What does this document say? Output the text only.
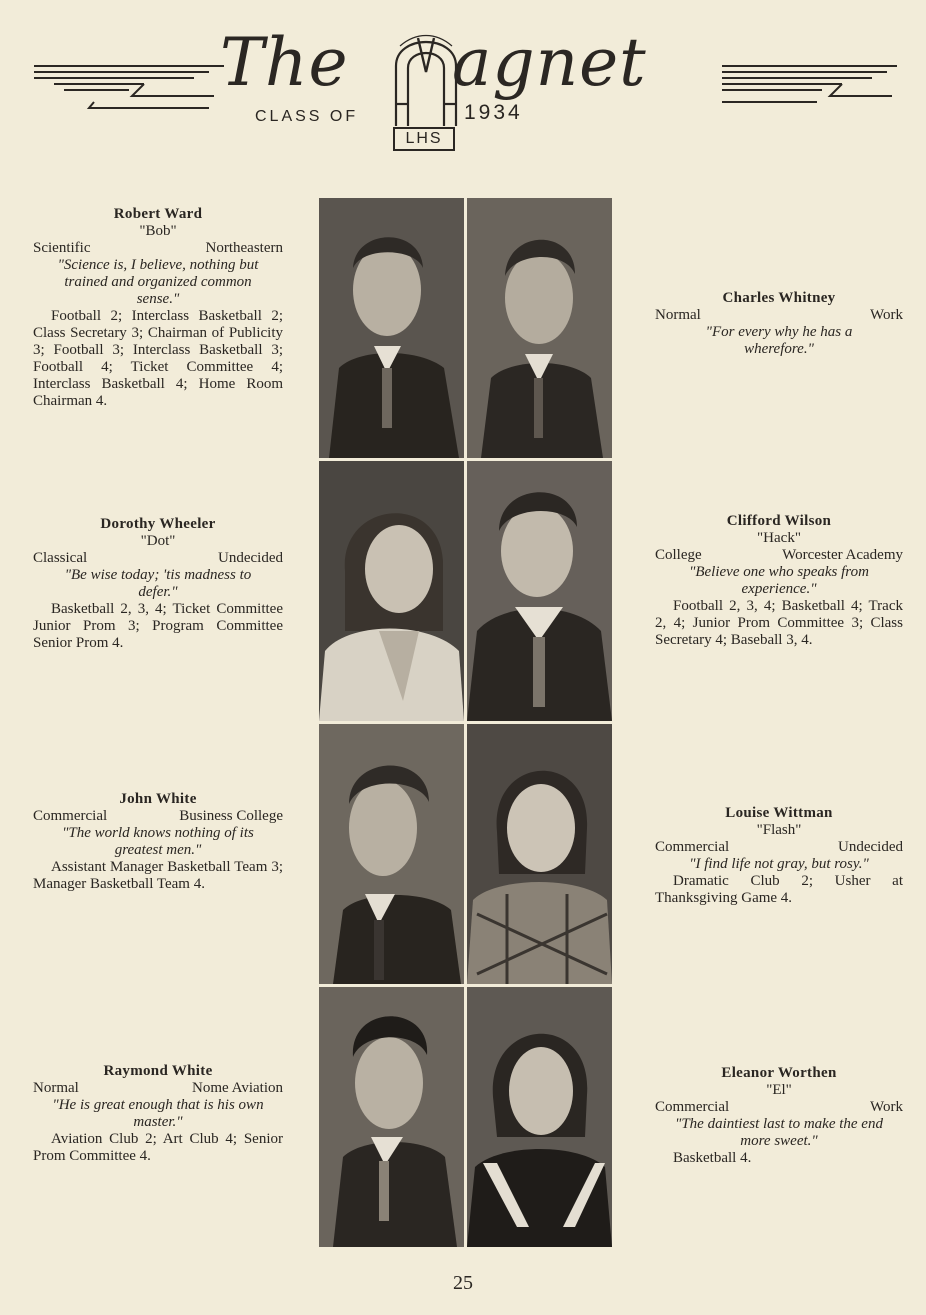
The agnet
CLASS OF	1934
LHS
Robert Ward
"Bob"
Scientific	Northeastern
"Science is, I believe, nothing but trained and organized common sense."
Football 2; Interclass Basketball 2; Class Secretary 3; Chairman of Publicity 3; Football 3; Interclass Basketball 3; Football 4; Ticket Committee 4; Interclass Basketball 4; Home Room Chairman 4.
Dorothy Wheeler
"Dot"
Classical	Undecided
"Be wise today; 'tis madness to defer."
Basketball 2, 3, 4; Ticket Committee Junior Prom 3; Program Committee Senior Prom 4.
John White
Commercial	Business College
"The world knows nothing of its greatest men."
Assistant Manager Basketball Team 3; Manager Basketball Team 4.
Raymond White
Normal	Nome Aviation
"He is great enough that is his own master."
Aviation Club 2; Art Club 4; Senior Prom Committee 4.
Charles Whitney
Normal	Work
"For every why he has a wherefore."
Clifford Wilson
"Hack"
College	Worcester Academy
"Believe one who speaks from experience."
Football 2, 3, 4; Basketball 4; Track 2, 4; Junior Prom Committee 3; Class Secretary 4; Baseball 3, 4.
Louise Wittman
"Flash"
Commercial	Undecided
"I find life not gray, but rosy."
Dramatic Club 2; Usher at Thanksgiving Game 4.
Eleanor Worthen
"El"
Commercial	Work
"The daintiest last to make the end more sweet."
Basketball 4.
25
